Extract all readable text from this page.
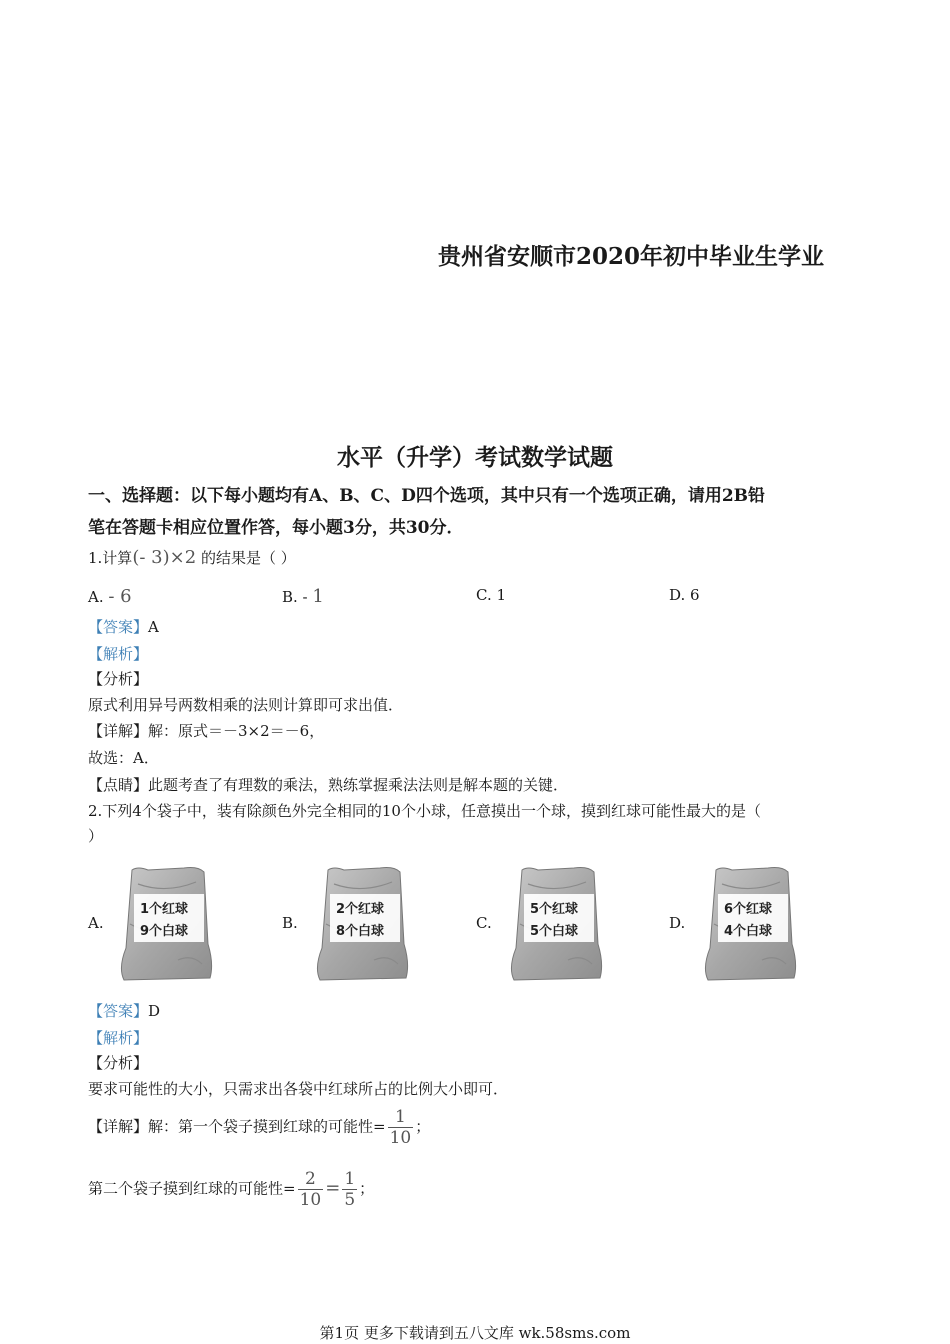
贵州省安顺市2020年初中毕业生学业
水平（升学）考试数学试题
一、选择题：以下每小题均有A、B、C、D四个选项，其中只有一个选项正确，请用2B铅
笔在答题卡相应位置作答，每小题3分，共30分．
1.计算(- 3)×2 的结果是（ ）
A. - 6	B. - 1	C. 1	D. 6
【答案】A
【解析】
【分析】
原式利用异号两数相乘的法则计算即可求出值．
【详解】解：原式＝－3×2＝－6，
故选：A．
【点睛】此题考查了有理数的乘法，熟练掌握乘法法则是解本题的关键．
2.下列4个袋子中，装有除颜色外完全相同的10个小球，任意摸出一个球，摸到红球可能性最大的是（
）
A.	B.	C.	D.
1个红球
9个白球
2个红球
8个白球
5个红球
5个白球
6个红球
4个白球
【答案】D
【解析】
【分析】
要求可能性的大小，只需求出各袋中红球所占的比例大小即可．
【详解】解：第一个袋子摸到红球的可能性= $\frac{1}{10}$ ；
第二个袋子摸到红球的可能性= $\frac{2}{10} = \frac{1}{5}$ ；
第1页 更多下载请到五八文库 wk.58sms.com
